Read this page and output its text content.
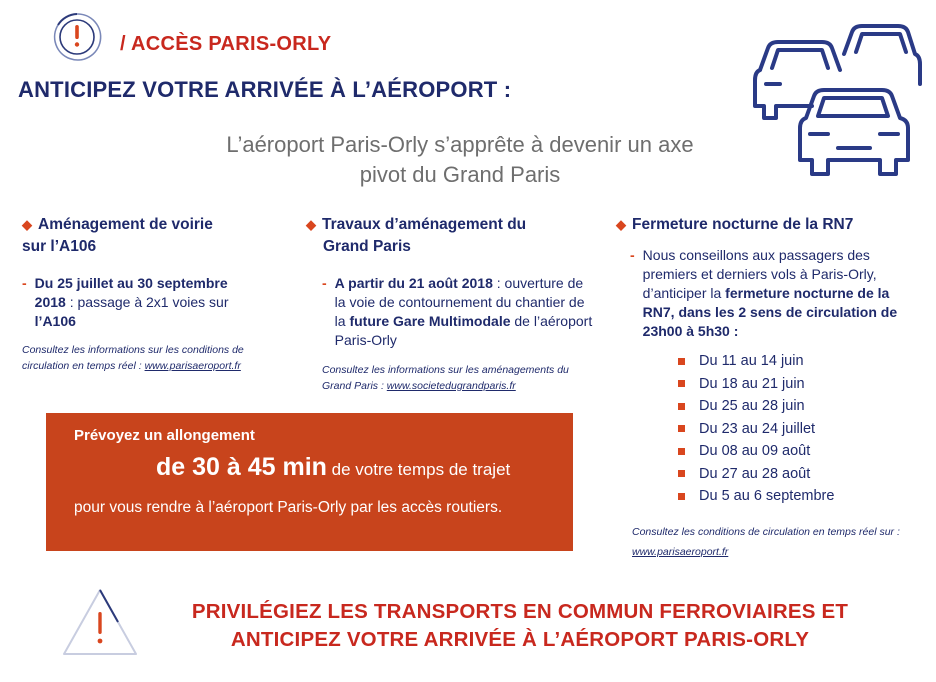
/ ACCÈS PARIS-ORLY
ANTICIPEZ VOTRE ARRIVÉE À L’AÉROPORT :
L’aéroport Paris-Orly s’apprête à devenir un axe
pivot du Grand Paris
◆ Aménagement de voirie
sur l’A106
- Du 25 juillet au 30 septembre 2018 : passage à 2x1 voies sur l’A106
Consultez les informations sur les conditions de circulation en temps réel : www.parisaeroport.fr
◆ Travaux d’aménagement du
Grand Paris
- A partir du 21 août 2018 : ouverture de la voie de contournement du chantier de la future Gare Multimodale de l’aéroport Paris-Orly
Consultez les informations sur les aménagements du Grand Paris : www.societedugrandparis.fr
◆ Fermeture nocturne de la RN7
- Nous conseillons aux passagers des premiers et derniers vols à Paris-Orly, d’anticiper la fermeture nocturne de la RN7, dans les 2 sens de circulation de 23h00 à 5h30 :
Du 11 au 14 juin
Du 18 au 21 juin
Du 25 au 28 juin
Du 23 au 24 juillet
Du 08 au 09 août
Du 27 au 28 août
Du 5 au 6 septembre
Consultez les conditions de circulation en temps réel sur : www.parisaeroport.fr
Prévoyez un allongement
de 30 à 45 min de votre temps de trajet
pour vous rendre à l’aéroport Paris-Orly par les accès routiers.
PRIVILÉGIEZ LES TRANSPORTS EN COMMUN FERROVIAIRES ET
ANTICIPEZ VOTRE ARRIVÉE À L’AÉROPORT PARIS-ORLY
